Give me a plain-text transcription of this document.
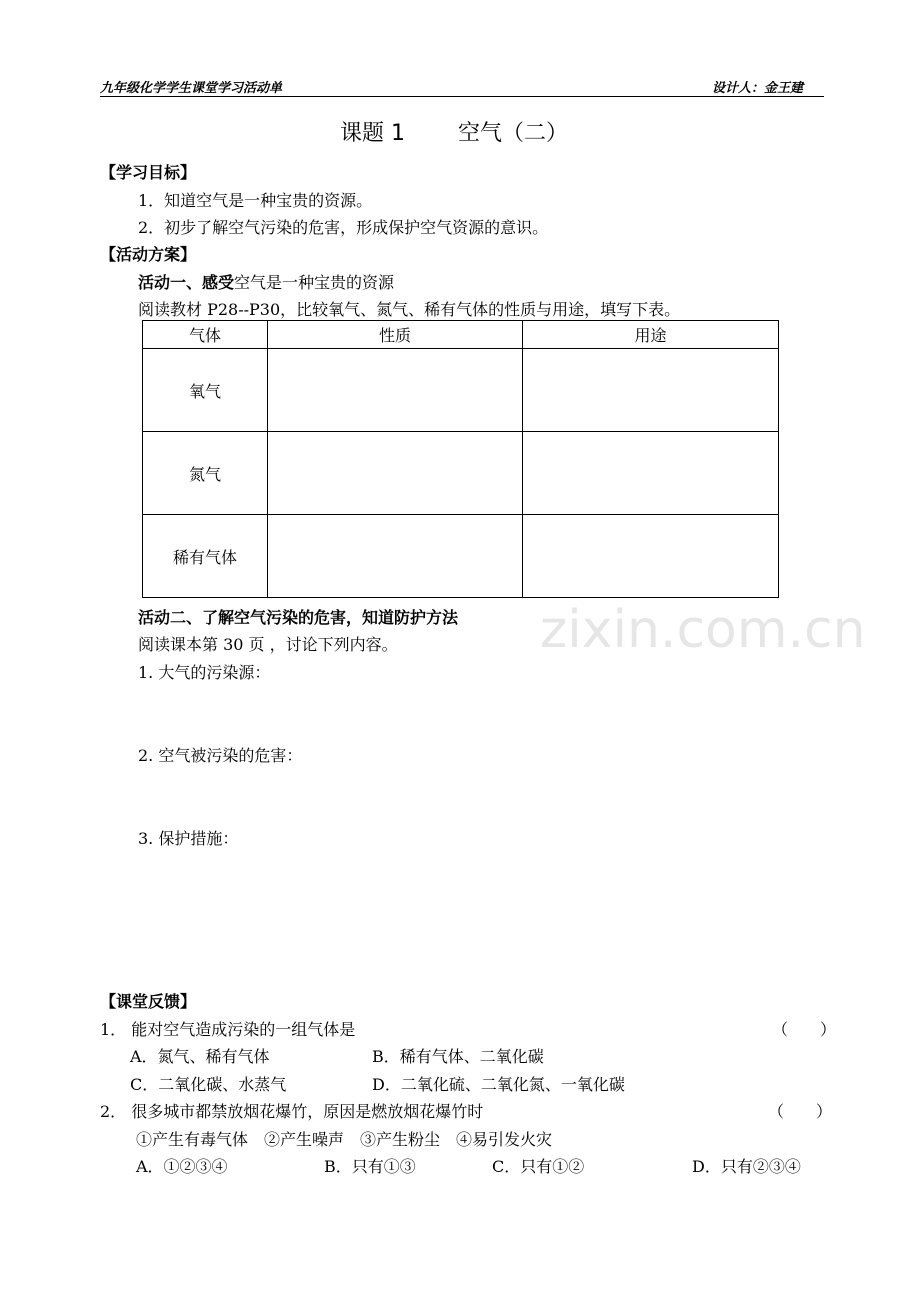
zixin.com.cn
九年级化学学生课堂学习活动单	设计人：金王建
课题 1 空气（二）
【学习目标】
1．知道空气是一种宝贵的资源。
2．初步了解空气污染的危害，形成保护空气资源的意识。
【活动方案】
活动一、感受空气是一种宝贵的资源
阅读教材 P28--P30，比较氧气、氮气、稀有气体的性质与用途，填写下表。
气体	性质	用途
氧气		
氮气		
稀有气体		
活动二、了解空气污染的危害，知道防护方法
阅读课本第 30 页 ，讨论下列内容。
1. 大气的污染源：
2. 空气被污染的危害：
3. 保护措施：
【课堂反馈】
1． 能对空气造成污染的一组气体是	（　　）
A．氮气、稀有气体	B．稀有气体、二氧化碳
C．二氧化碳、水蒸气	D．二氧化硫、二氧化氮、一氧化碳
2． 很多城市都禁放烟花爆竹，原因是燃放烟花爆竹时	（　　）
①产生有毒气体　②产生噪声　③产生粉尘　④易引发火灾
A．①②③④	B．只有①③	C．只有①②	D．只有②③④
